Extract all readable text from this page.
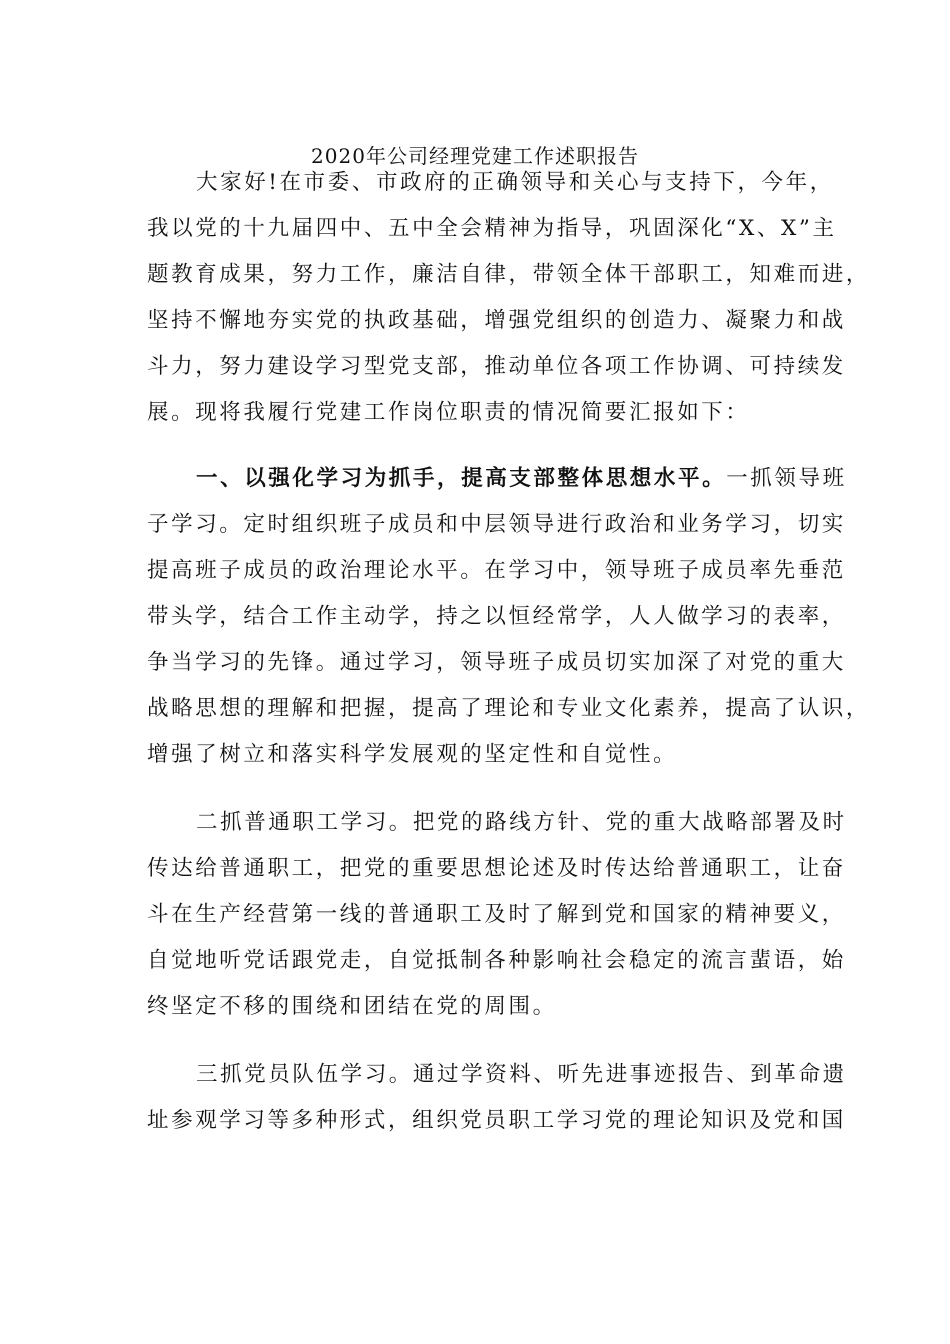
2020年公司经理党建工作述职报告
大家好!在市委、市政府的正确领导和关心与支持下，今年，
我以党的十九届四中、五中全会精神为指导，巩固深化“X、X”主
题教育成果，努力工作，廉洁自律，带领全体干部职工，知难而进，
坚持不懈地夯实党的执政基础，增强党组织的创造力、凝聚力和战
斗力，努力建设学习型党支部，推动单位各项工作协调、可持续发
展。现将我履行党建工作岗位职责的情况简要汇报如下：
一、以强化学习为抓手，提高支部整体思想水平。一抓领导班
子学习。定时组织班子成员和中层领导进行政治和业务学习，切实
提高班子成员的政治理论水平。在学习中，领导班子成员率先垂范
带头学，结合工作主动学，持之以恒经常学，人人做学习的表率，
争当学习的先锋。通过学习，领导班子成员切实加深了对党的重大
战略思想的理解和把握，提高了理论和专业文化素养，提高了认识，
增强了树立和落实科学发展观的坚定性和自觉性。
二抓普通职工学习。把党的路线方针、党的重大战略部署及时
传达给普通职工，把党的重要思想论述及时传达给普通职工，让奋
斗在生产经营第一线的普通职工及时了解到党和国家的精神要义，
自觉地听党话跟党走，自觉抵制各种影响社会稳定的流言蜚语，始
终坚定不移的围绕和团结在党的周围。
三抓党员队伍学习。通过学资料、听先进事迹报告、到革命遗
址参观学习等多种形式，组织党员职工学习党的理论知识及党和国
